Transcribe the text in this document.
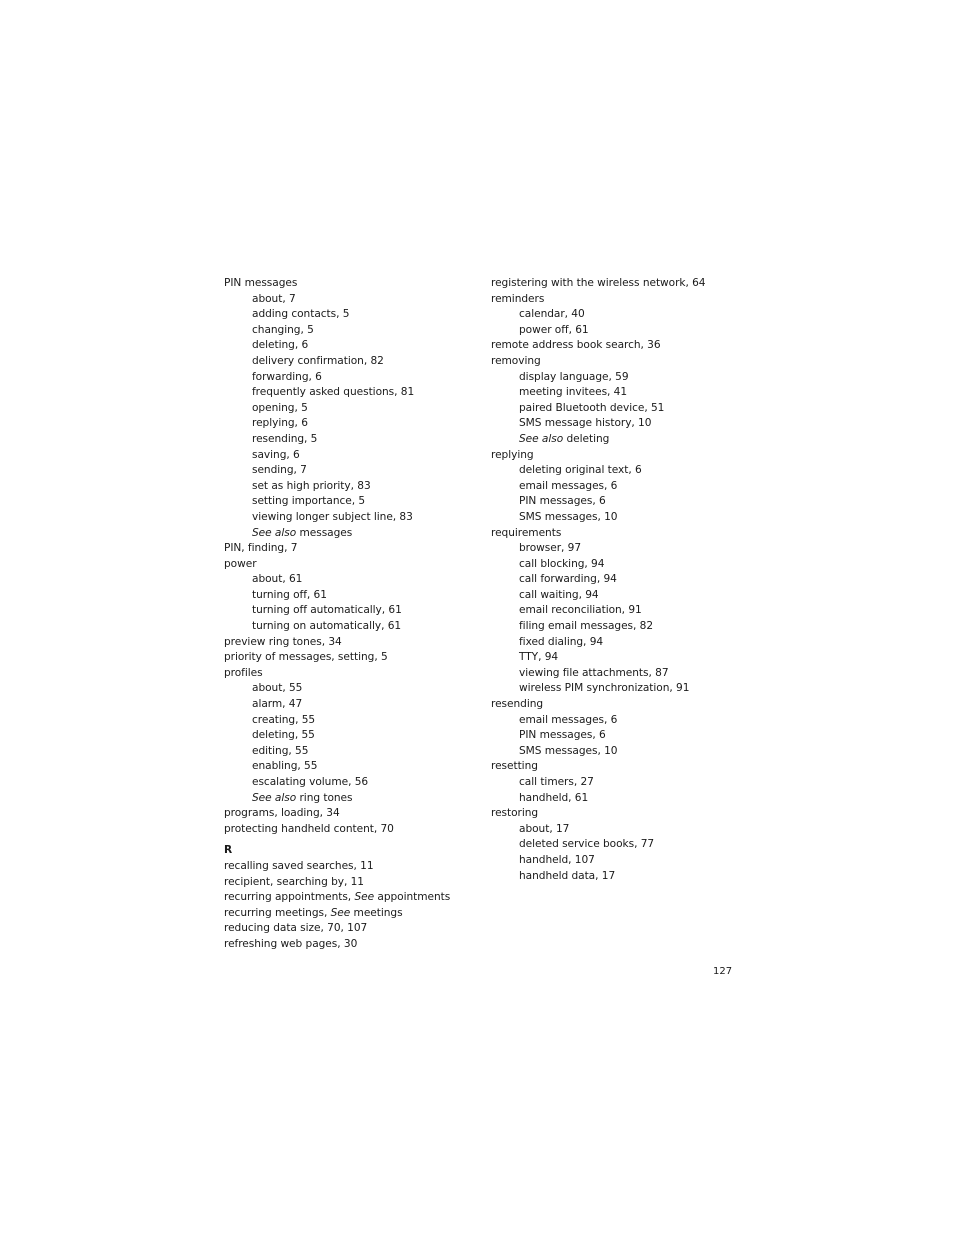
PIN messages
about, 7
adding contacts, 5
changing, 5
deleting, 6
delivery confirmation, 82
forwarding, 6
frequently asked questions, 81
opening, 5
replying, 6
resending, 5
saving, 6
sending, 7
set as high priority, 83
setting importance, 5
viewing longer subject line, 83
See also messages
PIN, finding, 7
power
about, 61
turning off, 61
turning off automatically, 61
turning on automatically, 61
preview ring tones, 34
priority of messages, setting, 5
profiles
about, 55
alarm, 47
creating, 55
deleting, 55
editing, 55
enabling, 55
escalating volume, 56
See also ring tones
programs, loading, 34
protecting handheld content, 70
R
recalling saved searches, 11
recipient, searching by, 11
recurring appointments, See appointments
recurring meetings, See meetings
reducing data size, 70, 107
refreshing web pages, 30
registering with the wireless network, 64
reminders
calendar, 40
power off, 61
remote address book search, 36
removing
display language, 59
meeting invitees, 41
paired Bluetooth device, 51
SMS message history, 10
See also deleting
replying
deleting original text, 6
email messages, 6
PIN messages, 6
SMS messages, 10
requirements
browser, 97
call blocking, 94
call forwarding, 94
call waiting, 94
email reconciliation, 91
filing email messages, 82
fixed dialing, 94
TTY, 94
viewing file attachments, 87
wireless PIM synchronization, 91
resending
email messages, 6
PIN messages, 6
SMS messages, 10
resetting
call timers, 27
handheld, 61
restoring
about, 17
deleted service books, 77
handheld, 107
handheld data, 17
127
